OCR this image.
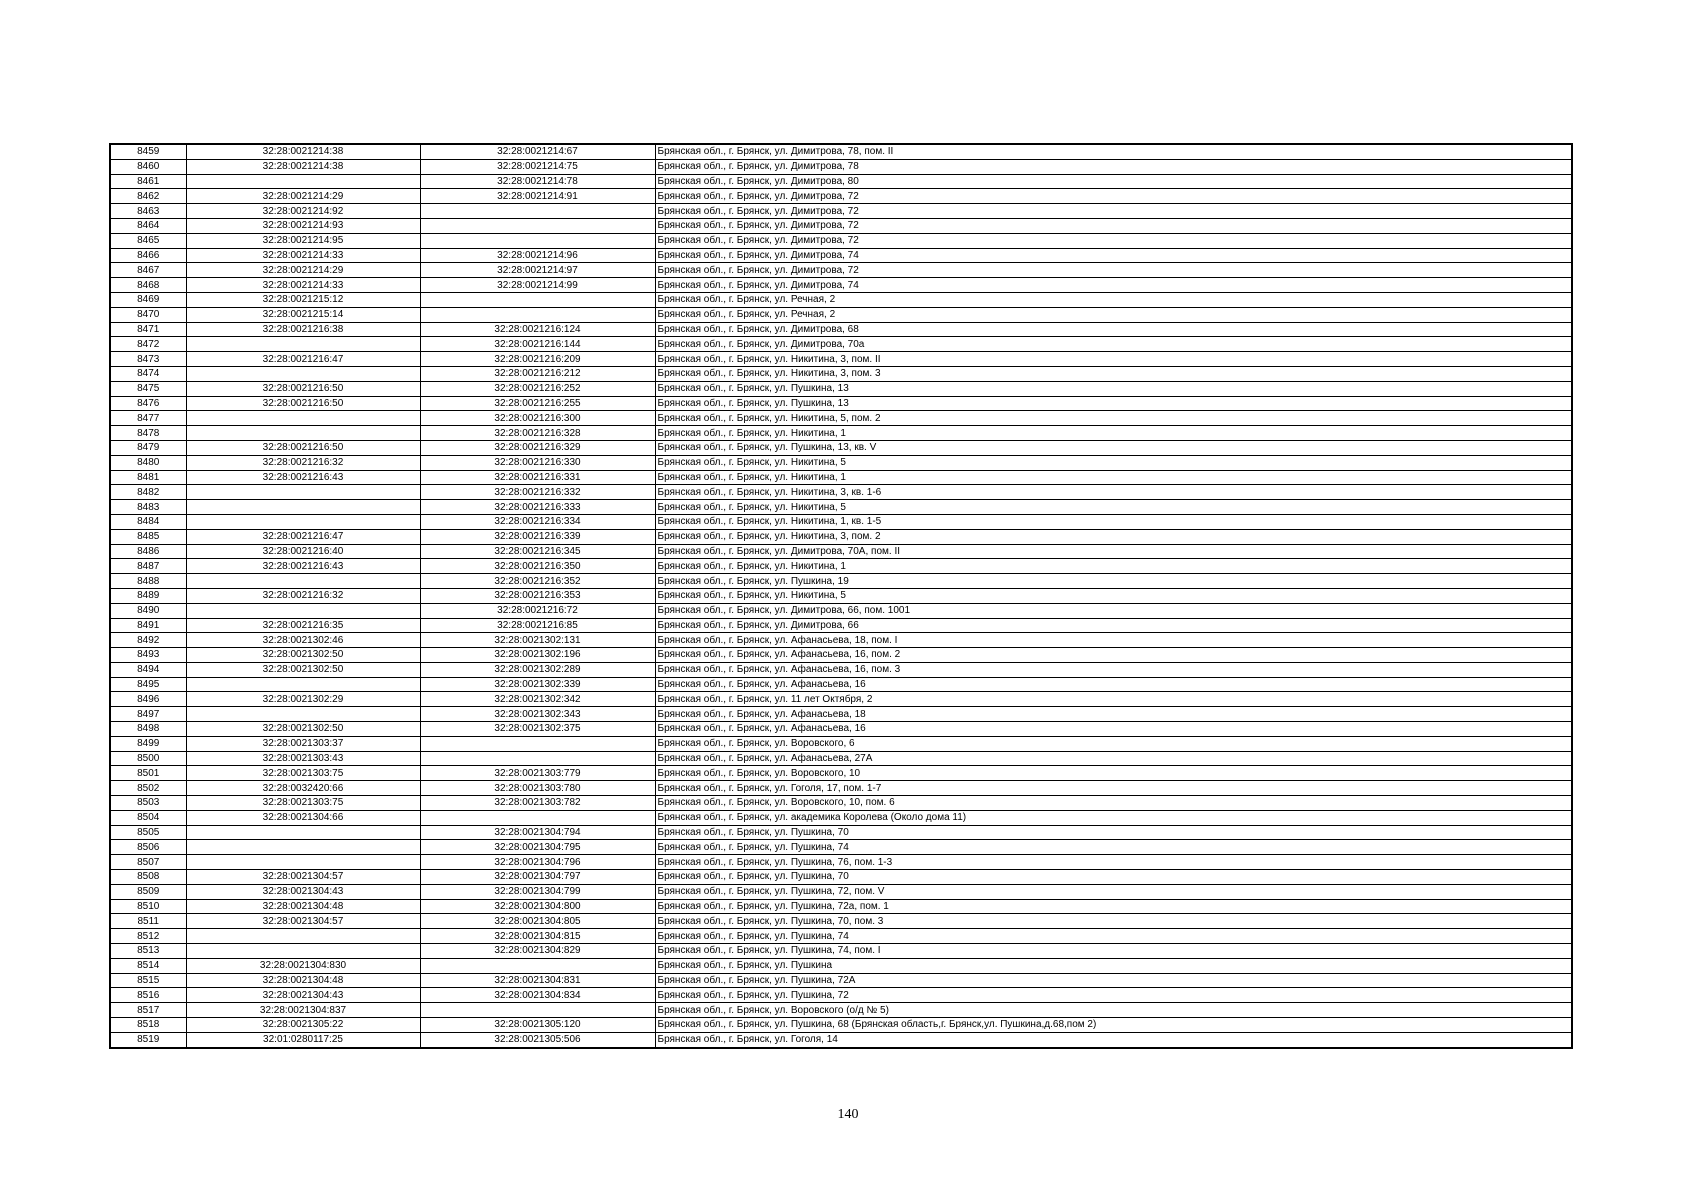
8459	32:28:0021214:38	32:28:0021214:67	Брянская обл., г. Брянск, ул. Димитрова, 78, пом. II
8460	32:28:0021214:38	32:28:0021214:75	Брянская обл., г. Брянск, ул. Димитрова, 78
8461		32:28:0021214:78	Брянская обл., г. Брянск, ул. Димитрова, 80
8462	32:28:0021214:29	32:28:0021214:91	Брянская обл., г. Брянск, ул. Димитрова, 72
8463	32:28:0021214:92		Брянская обл., г. Брянск, ул. Димитрова, 72
8464	32:28:0021214:93		Брянская обл., г. Брянск, ул. Димитрова, 72
8465	32:28:0021214:95		Брянская обл., г. Брянск, ул. Димитрова, 72
8466	32:28:0021214:33	32:28:0021214:96	Брянская обл., г. Брянск, ул. Димитрова, 74
8467	32:28:0021214:29	32:28:0021214:97	Брянская обл., г. Брянск, ул. Димитрова, 72
8468	32:28:0021214:33	32:28:0021214:99	Брянская обл., г. Брянск, ул. Димитрова, 74
8469	32:28:0021215:12		Брянская обл., г. Брянск, ул. Речная, 2
8470	32:28:0021215:14		Брянская обл., г. Брянск, ул. Речная, 2
8471	32:28:0021216:38	32:28:0021216:124	Брянская обл., г. Брянск, ул. Димитрова, 68
8472		32:28:0021216:144	Брянская обл., г. Брянск, ул. Димитрова, 70а
8473	32:28:0021216:47	32:28:0021216:209	Брянская обл., г. Брянск, ул. Никитина, 3, пом. II
8474		32:28:0021216:212	Брянская обл., г. Брянск, ул. Никитина, 3, пом. 3
8475	32:28:0021216:50	32:28:0021216:252	Брянская обл., г. Брянск, ул. Пушкина, 13
8476	32:28:0021216:50	32:28:0021216:255	Брянская обл., г. Брянск, ул. Пушкина, 13
8477		32:28:0021216:300	Брянская обл., г. Брянск, ул. Никитина, 5, пом. 2
8478		32:28:0021216:328	Брянская обл., г. Брянск, ул. Никитина, 1
8479	32:28:0021216:50	32:28:0021216:329	Брянская обл., г. Брянск, ул. Пушкина, 13, кв. V
8480	32:28:0021216:32	32:28:0021216:330	Брянская обл., г. Брянск, ул. Никитина, 5
8481	32:28:0021216:43	32:28:0021216:331	Брянская обл., г. Брянск, ул. Никитина, 1
8482		32:28:0021216:332	Брянская обл., г. Брянск, ул. Никитина, 3, кв. 1-6
8483		32:28:0021216:333	Брянская обл., г. Брянск, ул. Никитина, 5
8484		32:28:0021216:334	Брянская обл., г. Брянск, ул. Никитина, 1, кв. 1-5
8485	32:28:0021216:47	32:28:0021216:339	Брянская обл., г. Брянск, ул. Никитина, 3, пом. 2
8486	32:28:0021216:40	32:28:0021216:345	Брянская обл., г. Брянск, ул. Димитрова, 70А, пом. II
8487	32:28:0021216:43	32:28:0021216:350	Брянская обл., г. Брянск, ул. Никитина, 1
8488		32:28:0021216:352	Брянская обл., г. Брянск, ул. Пушкина, 19
8489	32:28:0021216:32	32:28:0021216:353	Брянская обл., г. Брянск, ул. Никитина, 5
8490		32:28:0021216:72	Брянская обл., г. Брянск, ул. Димитрова, 66, пом. 1001
8491	32:28:0021216:35	32:28:0021216:85	Брянская обл., г. Брянск, ул. Димитрова, 66
8492	32:28:0021302:46	32:28:0021302:131	Брянская обл., г. Брянск, ул. Афанасьева, 18, пом. I
8493	32:28:0021302:50	32:28:0021302:196	Брянская обл., г. Брянск, ул. Афанасьева, 16, пом. 2
8494	32:28:0021302:50	32:28:0021302:289	Брянская обл., г. Брянск, ул. Афанасьева, 16, пом. 3
8495		32:28:0021302:339	Брянская обл., г. Брянск, ул. Афанасьева, 16
8496	32:28:0021302:29	32:28:0021302:342	Брянская обл., г. Брянск, ул. 11 лет Октября, 2
8497		32:28:0021302:343	Брянская обл., г. Брянск, ул. Афанасьева, 18
8498	32:28:0021302:50	32:28:0021302:375	Брянская обл., г. Брянск, ул. Афанасьева, 16
8499	32:28:0021303:37		Брянская обл., г. Брянск, ул. Воровского, 6
8500	32:28:0021303:43		Брянская обл., г. Брянск, ул. Афанасьева, 27А
8501	32:28:0021303:75	32:28:0021303:779	Брянская обл., г. Брянск, ул. Воровского, 10
8502	32:28:0032420:66	32:28:0021303:780	Брянская обл., г. Брянск, ул. Гоголя, 17, пом. 1-7
8503	32:28:0021303:75	32:28:0021303:782	Брянская обл., г. Брянск, ул. Воровского, 10, пом. 6
8504	32:28:0021304:66		Брянская обл., г. Брянск, ул. академика Королева (Около дома 11)
8505		32:28:0021304:794	Брянская обл., г. Брянск, ул. Пушкина, 70
8506		32:28:0021304:795	Брянская обл., г. Брянск, ул. Пушкина, 74
8507		32:28:0021304:796	Брянская обл., г. Брянск, ул. Пушкина, 76, пом. 1-3
8508	32:28:0021304:57	32:28:0021304:797	Брянская обл., г. Брянск, ул. Пушкина, 70
8509	32:28:0021304:43	32:28:0021304:799	Брянская обл., г. Брянск, ул. Пушкина, 72, пом. V
8510	32:28:0021304:48	32:28:0021304:800	Брянская обл., г. Брянск, ул. Пушкина, 72а, пом. 1
8511	32:28:0021304:57	32:28:0021304:805	Брянская обл., г. Брянск, ул. Пушкина, 70, пом. 3
8512		32:28:0021304:815	Брянская обл., г. Брянск, ул. Пушкина, 74
8513		32:28:0021304:829	Брянская обл., г. Брянск, ул. Пушкина, 74, пом. I
8514	32:28:0021304:830		Брянская обл., г. Брянск, ул. Пушкина
8515	32:28:0021304:48	32:28:0021304:831	Брянская обл., г. Брянск, ул. Пушкина, 72А
8516	32:28:0021304:43	32:28:0021304:834	Брянская обл., г. Брянск, ул. Пушкина, 72
8517	32:28:0021304:837		Брянская обл., г. Брянск, ул. Воровского (о/д № 5)
8518	32:28:0021305:22	32:28:0021305:120	Брянская обл., г. Брянск, ул. Пушкина, 68 (Брянская область,г. Брянск,ул. Пушкина,д.68,пом 2)
8519	32:01:0280117:25	32:28:0021305:506	Брянская обл., г. Брянск, ул. Гоголя, 14
140
